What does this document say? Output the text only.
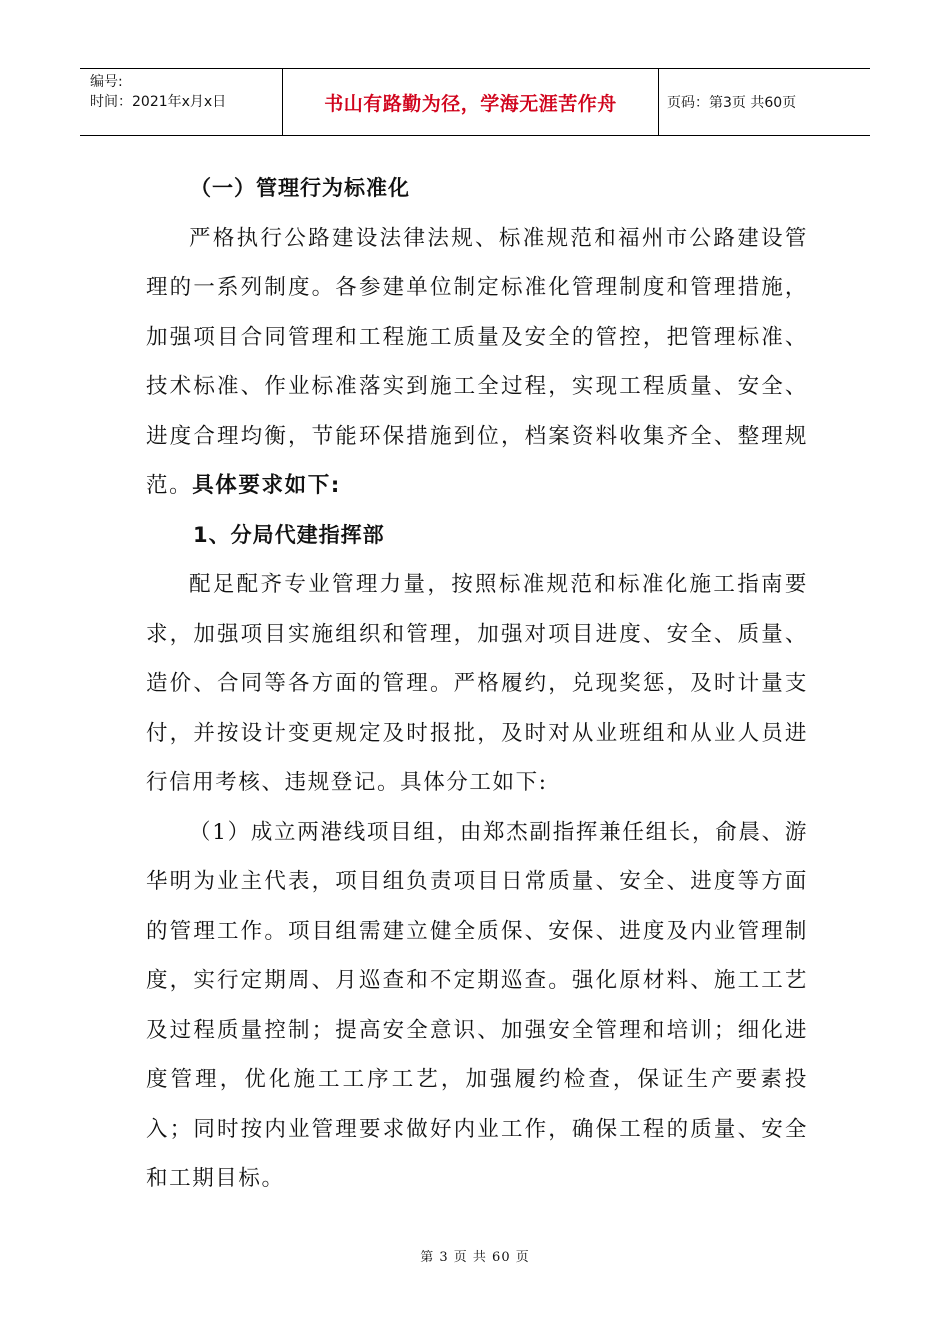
编号:
时间：2021年x月x日	书山有路勤为径，学海无涯苦作舟	页码：第3页 共60页

（一）管理行为标准化

严格执行公路建设法律法规、标准规范和福州市公路建设管理的一系列制度。各参建单位制定标准化管理制度和管理措施，加强项目合同管理和工程施工质量及安全的管控，把管理标准、技术标准、作业标准落实到施工全过程，实现工程质量、安全、进度合理均衡，节能环保措施到位，档案资料收集齐全、整理规范。具体要求如下:

1、分局代建指挥部

配足配齐专业管理力量，按照标准规范和标准化施工指南要求，加强项目实施组织和管理，加强对项目进度、安全、质量、造价、合同等各方面的管理。严格履约，兑现奖惩，及时计量支付，并按设计变更规定及时报批，及时对从业班组和从业人员进行信用考核、违规登记。具体分工如下:

（1）成立两港线项目组，由郑杰副指挥兼任组长，俞晨、游华明为业主代表，项目组负责项目日常质量、安全、进度等方面的管理工作。项目组需建立健全质保、安保、进度及内业管理制度，实行定期周、月巡查和不定期巡查。强化原材料、施工工艺及过程质量控制；提高安全意识、加强安全管理和培训；细化进度管理，优化施工工序工艺，加强履约检查，保证生产要素投入；同时按内业管理要求做好内业工作，确保工程的质量、安全和工期目标。

第 3 页 共 60 页
